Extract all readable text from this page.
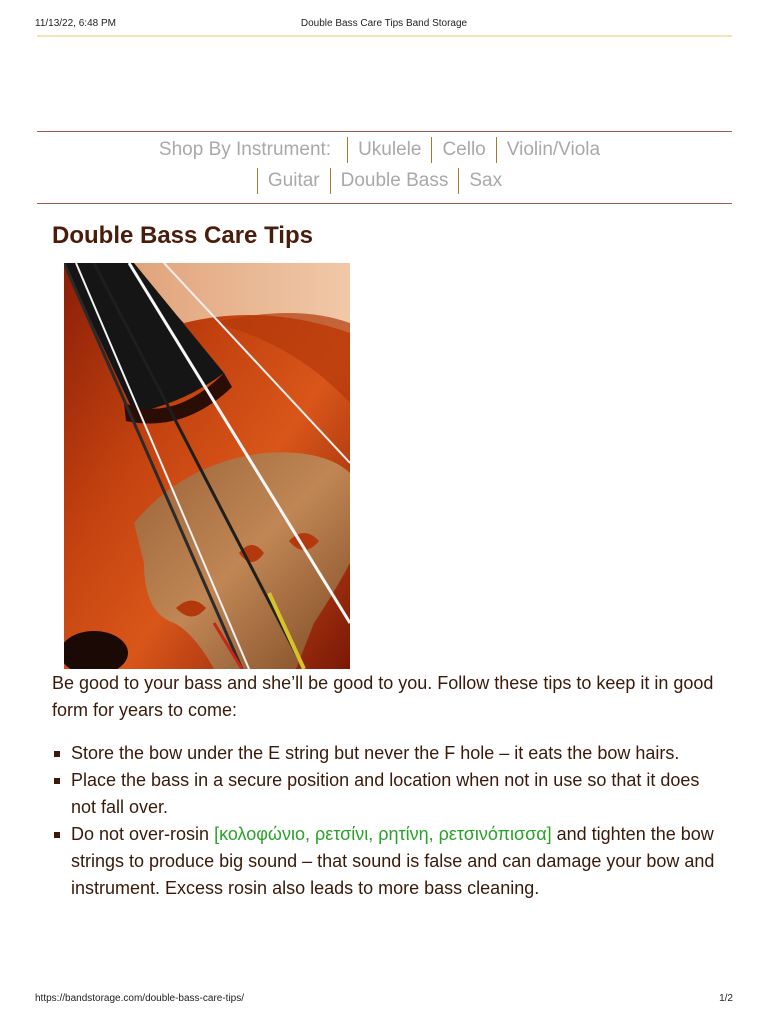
11/13/22, 6:48 PM	Double Bass Care Tips Band Storage
Shop By Instrument:	Ukulele	Cello	Violin/Viola
Guitar	Double Bass	Sax
Double Bass Care Tips

Be good to your bass and she’ll be good to you. Follow these tips to keep it in good form for years to come:

Store the bow under the E string but never the F hole – it eats the bow hairs.
Place the bass in a secure position and location when not in use so that it does not fall over.
Do not over-rosin [κολοφώνιο, ρετσίνι, ρητίνη, ρετσινόπισσα] and tighten the bow strings to produce big sound – that sound is false and can damage your bow and instrument. Excess rosin also leads to more bass cleaning.
https://bandstorage.com/double-bass-care-tips/	1/2
